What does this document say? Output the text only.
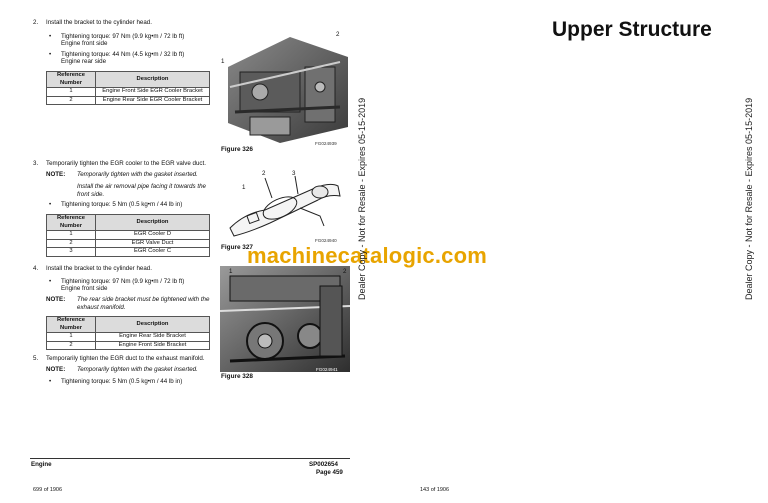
2. Install the bracket to the cylinder head.
• Tightening torque: 97 Nm (9.9 kg•m / 72 lb ft)
Engine front side
• Tightening torque: 44 Nm (4.5 kg•m / 32 lb ft)
Engine rear side
Reference
Number	Description
1	Engine Front Side EGR Cooler Bracket
2	Engine Rear Side EGR Cooler Bracket
3. Temporarily tighten the EGR cooler to the EGR valve duct.
NOTE: Temporarily tighten with the gasket inserted.
Install the air removal pipe facing it towards the front side.
• Tightening torque: 5 Nm (0.5 kg•m / 44 lb in)
Reference
Number	Description
1	EGR Cooler D
2	EGR Valve Duct
3	EGR Cooler C
4. Install the bracket to the cylinder head.
• Tightening torque: 97 Nm (9.9 kg•m / 72 lb ft)
Engine front side
NOTE: The rear side bracket must be tightened with the exhaust manifold.
Reference
Number	Description
1	Engine Rear Side Bracket
2	Engine Front Side Bracket
5. Temporarily tighten the EGR duct to the exhaust manifold.
NOTE: Temporarily tighten with the gasket inserted.
• Tightening torque: 5 Nm (0.5 kg•m / 44 lb in)
1
2
FG024939
Figure 326
2	3
1
FG024940
Figure 327
1	2
FG024941
Figure 328
machinecatalogic.com
Dealer Copy - Not for Resale - Expires 05-15-2019	Dealer Copy - Not for Resale - Expires 05-15-2019
Upper Structure
Engine	SP002654
Page 459
699 of 1906	143 of 1906
